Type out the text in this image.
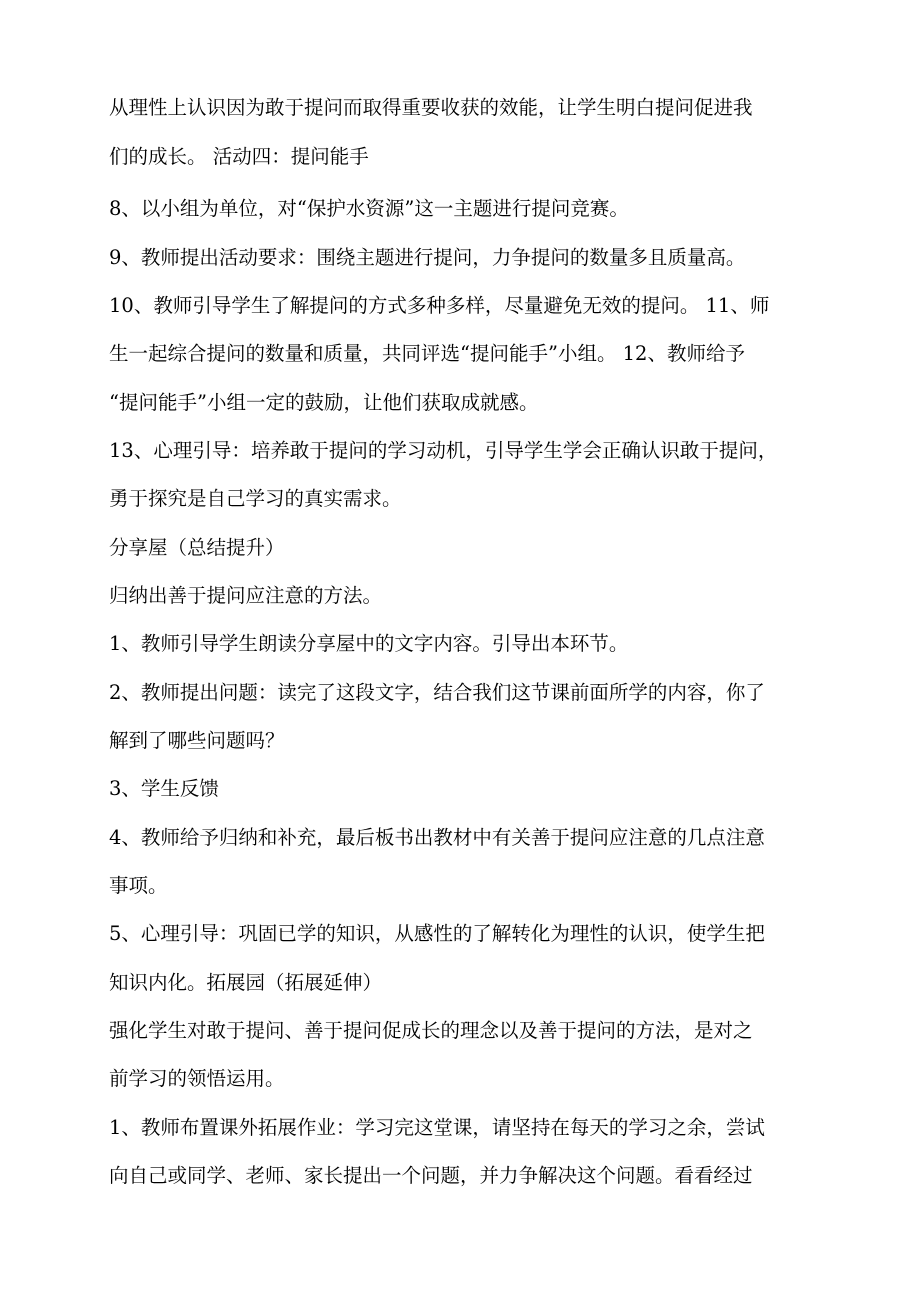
从理性上认识因为敢于提问而取得重要收获的效能，让学生明白提问促进我
们的成长。 活动四：提问能手
8、以小组为单位，对“保护水资源”这一主题进行提问竞赛。
9、教师提出活动要求：围绕主题进行提问，力争提问的数量多且质量高。
10、教师引导学生了解提问的方式多种多样，尽量避免无效的提问。 11、师
生一起综合提问的数量和质量，共同评选“提问能手”小组。 12、教师给予
“提问能手”小组一定的鼓励，让他们获取成就感。
13、心理引导：培养敢于提问的学习动机，引导学生学会正确认识敢于提问，
勇于探究是自己学习的真实需求。
分享屋（总结提升）
归纳出善于提问应注意的方法。
1、教师引导学生朗读分享屋中的文字内容。引导出本环节。
2、教师提出问题：读完了这段文字，结合我们这节课前面所学的内容，你了
解到了哪些问题吗？
3、学生反馈
4、教师给予归纳和补充，最后板书出教材中有关善于提问应注意的几点注意
事项。
5、心理引导：巩固已学的知识，从感性的了解转化为理性的认识，使学生把
知识内化。拓展园（拓展延伸）
强化学生对敢于提问、善于提问促成长的理念以及善于提问的方法，是对之
前学习的领悟运用。
1、教师布置课外拓展作业：学习完这堂课，请坚持在每天的学习之余，尝试
向自己或同学、老师、家长提出一个问题，并力争解决这个问题。看看经过
